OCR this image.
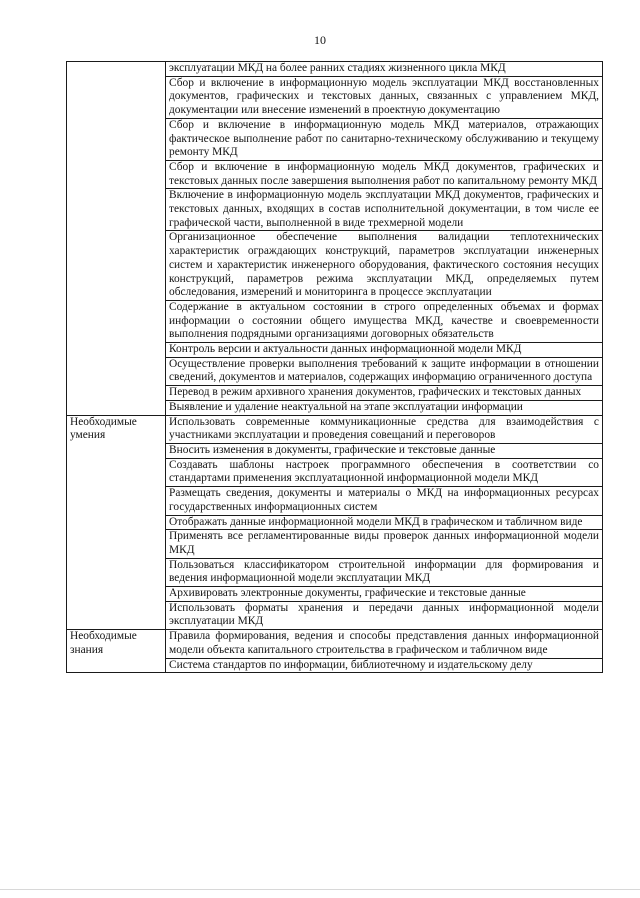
10
	эксплуатации МКД на более ранних стадиях жизненного цикла МКД
	Сбор и включение в информационную модель эксплуатации МКД восстановленных документов, графических и текстовых данных, связанных с управлением МКД, документации или внесение изменений в проектную документацию
	Сбор и включение в информационную модель МКД материалов, отражающих фактическое выполнение работ по санитарно-техническому обслуживанию и текущему ремонту МКД
	Сбор и включение в информационную модель МКД документов, графических и текстовых данных после завершения выполнения работ по капитальному ремонту МКД
	Включение в информационную модель эксплуатации МКД документов, графических и текстовых данных, входящих в состав исполнительной документации, в том числе ее графической части, выполненной в виде трехмерной модели
	Организационное обеспечение выполнения валидации теплотехнических характеристик ограждающих конструкций, параметров эксплуатации инженерных систем и характеристик инженерного оборудования, фактического состояния несущих конструкций, параметров режима эксплуатации МКД, определяемых путем обследования, измерений и мониторинга в процессе эксплуатации
	Содержание в актуальном состоянии в строго определенных объемах и формах информации о состоянии общего имущества МКД, качестве и своевременности выполнения подрядными организациями договорных обязательств
	Контроль версии и актуальности данных информационной модели МКД
	Осуществление проверки выполнения требований к защите информации в отношении сведений, документов и материалов, содержащих информацию ограниченного доступа
	Перевод в режим архивного хранения документов, графических и текстовых данных
	Выявление и удаление неактуальной на этапе эксплуатации информации
Необходимые умения	Использовать современные коммуникационные средства для взаимодействия с участниками эксплуатации и проведения совещаний и переговоров
	Вносить изменения в документы, графические и текстовые данные
	Создавать шаблоны настроек программного обеспечения в соответствии со стандартами применения эксплуатационной информационной модели МКД
	Размещать сведения, документы и материалы о МКД на информационных ресурсах государственных информационных систем
	Отображать данные информационной модели МКД в графическом и табличном виде
	Применять все регламентированные виды проверок данных информационной модели МКД
	Пользоваться классификатором строительной информации для формирования и ведения информационной модели эксплуатации МКД
	Архивировать электронные документы, графические и текстовые данные
	Использовать форматы хранения и передачи данных информационной модели эксплуатации МКД
Необходимые знания	Правила формирования, ведения и способы представления данных информационной модели объекта капитального строительства в графическом и табличном виде
	Система стандартов по информации, библиотечному и издательскому делу
